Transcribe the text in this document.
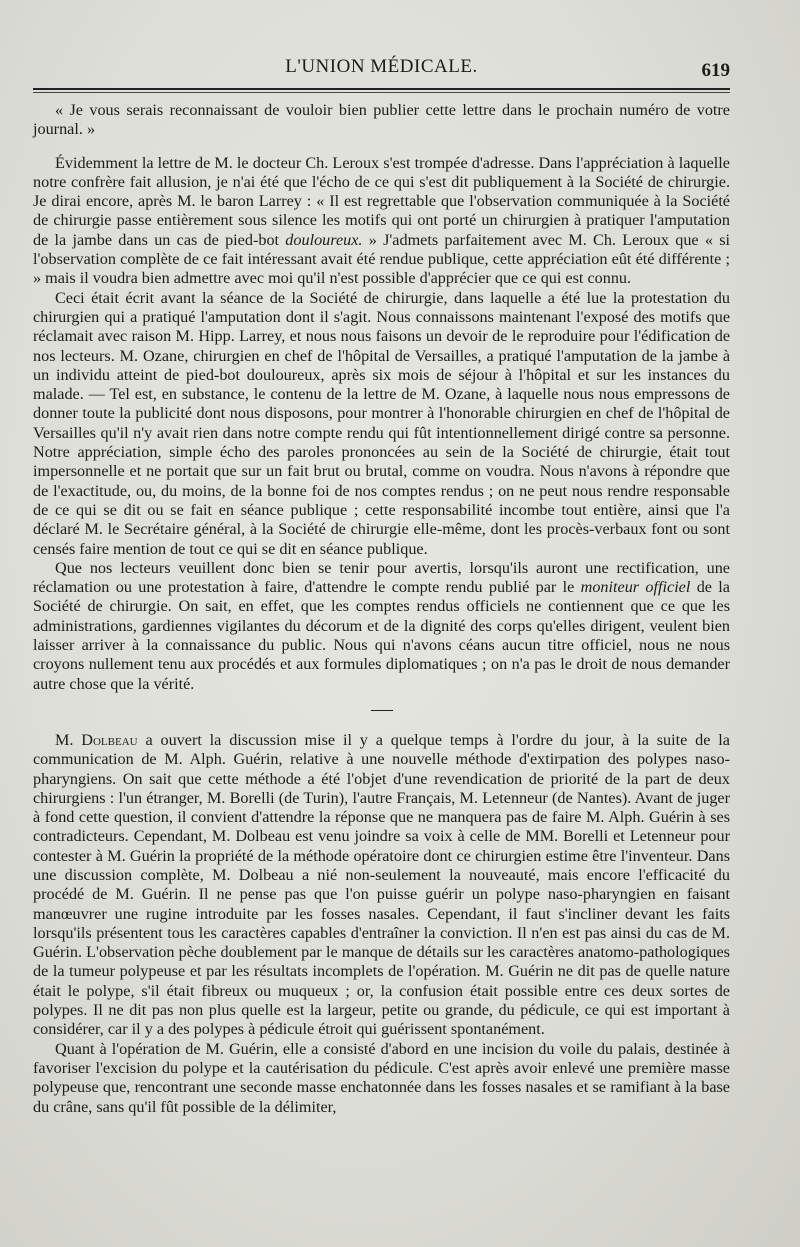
L'UNION MÉDICALE.	619

« Je vous serais reconnaissant de vouloir bien publier cette lettre dans le prochain numéro de votre journal. »

Évidemment la lettre de M. le docteur Ch. Leroux s'est trompée d'adresse. Dans l'appréciation à laquelle notre confrère fait allusion, je n'ai été que l'écho de ce qui s'est dit publiquement à la Société de chirurgie. Je dirai encore, après M. le baron Larrey : « Il est regrettable que l'observation communiquée à la Société de chirurgie passe entièrement sous silence les motifs qui ont porté un chirurgien à pratiquer l'amputation de la jambe dans un cas de pied-bot douloureux. » J'admets parfaitement avec M. Ch. Leroux que « si l'observation complète de ce fait intéressant avait été rendue publique, cette appréciation eût été différente ; » mais il voudra bien admettre avec moi qu'il n'est possible d'apprécier que ce qui est connu.

Ceci était écrit avant la séance de la Société de chirurgie, dans laquelle a été lue la protestation du chirurgien qui a pratiqué l'amputation dont il s'agit. Nous connaissons maintenant l'exposé des motifs que réclamait avec raison M. Hipp. Larrey, et nous nous faisons un devoir de le reproduire pour l'édification de nos lecteurs. M. Ozane, chirurgien en chef de l'hôpital de Versailles, a pratiqué l'amputation de la jambe à un individu atteint de pied-bot douloureux, après six mois de séjour à l'hôpital et sur les instances du malade. — Tel est, en substance, le contenu de la lettre de M. Ozane, à laquelle nous nous empressons de donner toute la publicité dont nous disposons, pour montrer à l'honorable chirurgien en chef de l'hôpital de Versailles qu'il n'y avait rien dans notre compte rendu qui fût intentionnellement dirigé contre sa personne. Notre appréciation, simple écho des paroles prononcées au sein de la Société de chirurgie, était tout impersonnelle et ne portait que sur un fait brut ou brutal, comme on voudra. Nous n'avons à répondre que de l'exactitude, ou, du moins, de la bonne foi de nos comptes rendus ; on ne peut nous rendre responsable de ce qui se dit ou se fait en séance publique ; cette responsabilité incombe tout entière, ainsi que l'a déclaré M. le Secrétaire général, à la Société de chirurgie elle-même, dont les procès-verbaux font ou sont censés faire mention de tout ce qui se dit en séance publique.

Que nos lecteurs veuillent donc bien se tenir pour avertis, lorsqu'ils auront une rectification, une réclamation ou une protestation à faire, d'attendre le compte rendu publié par le moniteur officiel de la Société de chirurgie. On sait, en effet, que les comptes rendus officiels ne contiennent que ce que les administrations, gardiennes vigilantes du décorum et de la dignité des corps qu'elles dirigent, veulent bien laisser arriver à la connaissance du public. Nous qui n'avons céans aucun titre officiel, nous ne nous croyons nullement tenu aux procédés et aux formules diplomatiques ; on n'a pas le droit de nous demander autre chose que la vérité.

M. Dolbeau a ouvert la discussion mise il y a quelque temps à l'ordre du jour, à la suite de la communication de M. Alph. Guérin, relative à une nouvelle méthode d'extirpation des polypes naso-pharyngiens. On sait que cette méthode a été l'objet d'une revendication de priorité de la part de deux chirurgiens : l'un étranger, M. Borelli (de Turin), l'autre Français, M. Letenneur (de Nantes). Avant de juger à fond cette question, il convient d'attendre la réponse que ne manquera pas de faire M. Alph. Guérin à ses contradicteurs. Cependant, M. Dolbeau est venu joindre sa voix à celle de MM. Borelli et Letenneur pour contester à M. Guérin la propriété de la méthode opératoire dont ce chirurgien estime être l'inventeur. Dans une discussion complète, M. Dolbeau a nié non-seulement la nouveauté, mais encore l'efficacité du procédé de M. Guérin. Il ne pense pas que l'on puisse guérir un polype naso-pharyngien en faisant manœuvrer une rugine introduite par les fosses nasales. Cependant, il faut s'incliner devant les faits lorsqu'ils présentent tous les caractères capables d'entraîner la conviction. Il n'en est pas ainsi du cas de M. Guérin. L'observation pèche doublement par le manque de détails sur les caractères anatomo-pathologiques de la tumeur polypeuse et par les résultats incomplets de l'opération. M. Guérin ne dit pas de quelle nature était le polype, s'il était fibreux ou muqueux ; or, la confusion était possible entre ces deux sortes de polypes. Il ne dit pas non plus quelle est la largeur, petite ou grande, du pédicule, ce qui est important à considérer, car il y a des polypes à pédicule étroit qui guérissent spontanément.

Quant à l'opération de M. Guérin, elle a consisté d'abord en une incision du voile du palais, destinée à favoriser l'excision du polype et la cautérisation du pédicule. C'est après avoir enlevé une première masse polypeuse que, rencontrant une seconde masse enchatonnée dans les fosses nasales et se ramifiant à la base du crâne, sans qu'il fût possible de la délimiter,
